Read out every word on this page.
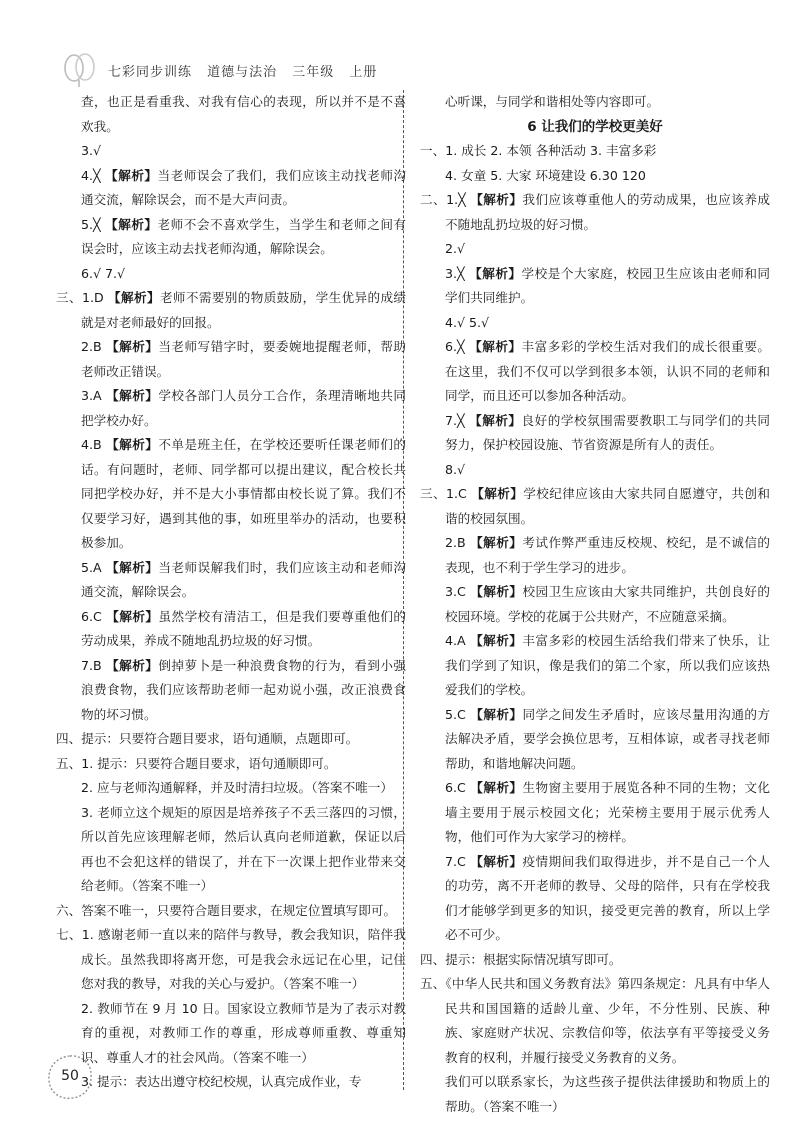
七彩同步训练 道德与法治 三年级 上册

查，也正是看重我、对我有信心的表现，所以并不是不喜欢我。

3.√

4.╳ 【解析】当老师误会了我们，我们应该主动找老师沟通交流，解除误会，而不是大声问责。

5.╳ 【解析】老师不会不喜欢学生，当学生和老师之间有误会时，应该主动去找老师沟通，解除误会。

6.√ 7.√

三、1.D 【解析】老师不需要别的物质鼓励，学生优异的成绩就是对老师最好的回报。

2.B 【解析】当老师写错字时，要委婉地提醒老师，帮助老师改正错误。

3.A 【解析】学校各部门人员分工合作，条理清晰地共同把学校办好。

4.B 【解析】不单是班主任，在学校还要听任课老师们的话。有问题时，老师、同学都可以提出建议，配合校长共同把学校办好，并不是大小事情都由校长说了算。我们不仅要学习好，遇到其他的事，如班里举办的活动，也要积极参加。

5.A 【解析】当老师误解我们时，我们应该主动和老师沟通交流，解除误会。

6.C 【解析】虽然学校有清洁工，但是我们要尊重他们的劳动成果，养成不随地乱扔垃圾的好习惯。

7.B 【解析】倒掉萝卜是一种浪费食物的行为，看到小强浪费食物，我们应该帮助老师一起劝说小强，改正浪费食物的坏习惯。

四、提示：只要符合题目要求，语句通顺，点题即可。

五、1. 提示：只要符合题目要求，语句通顺即可。

2. 应与老师沟通解释，并及时清扫垃圾。（答案不唯一）

3. 老师立这个规矩的原因是培养孩子不丢三落四的习惯，所以首先应该理解老师，然后认真向老师道歉，保证以后再也不会犯这样的错误了，并在下一次课上把作业带来交给老师。（答案不唯一）

六、答案不唯一，只要符合题目要求，在规定位置填写即可。

七、1. 感谢老师一直以来的陪伴与教导，教会我知识，陪伴我成长。虽然我即将离开您，可是我会永远记在心里，记住您对我的教导，对我的关心与爱护。（答案不唯一）

2. 教师节在 9 月 10 日。国家设立教师节是为了表示对教育的重视，对教师工作的尊重，形成尊师重教、尊重知识、尊重人才的社会风尚。（答案不唯一）

3. 提示：表达出遵守校纪校规，认真完成作业，专

心听课，与同学和谐相处等内容即可。

6 让我们的学校更美好

一、1. 成长 2. 本领 各种活动 3. 丰富多彩

4. 女童 5. 大家 环境建设 6.30 120

二、1.╳ 【解析】我们应该尊重他人的劳动成果，也应该养成不随地乱扔垃圾的好习惯。

2.√

3.╳ 【解析】学校是个大家庭，校园卫生应该由老师和同学们共同维护。

4.√ 5.√

6.╳ 【解析】丰富多彩的学校生活对我们的成长很重要。在这里，我们不仅可以学到很多本领，认识不同的老师和同学，而且还可以参加各种活动。

7.╳ 【解析】良好的学校氛围需要教职工与同学们的共同努力，保护校园设施、节省资源是所有人的责任。

8.√

三、1.C 【解析】学校纪律应该由大家共同自愿遵守，共创和谐的校园氛围。

2.B 【解析】考试作弊严重违反校规、校纪，是不诚信的表现，也不利于学生学习的进步。

3.C 【解析】校园卫生应该由大家共同维护，共创良好的校园环境。学校的花属于公共财产，不应随意采摘。

4.A 【解析】丰富多彩的校园生活给我们带来了快乐，让我们学到了知识，像是我们的第二个家，所以我们应该热爱我们的学校。

5.C 【解析】同学之间发生矛盾时，应该尽量用沟通的方法解决矛盾，要学会换位思考，互相体谅，或者寻找老师帮助，和谐地解决问题。

6.C 【解析】生物窗主要用于展览各种不同的生物；文化墙主要用于展示校园文化；光荣榜主要用于展示优秀人物，他们可作为大家学习的榜样。

7.C 【解析】疫情期间我们取得进步，并不是自己一个人的功劳，离不开老师的教导、父母的陪伴，只有在学校我们才能够学到更多的知识，接受更完善的教育，所以上学必不可少。

四、提示：根据实际情况填写即可。

五、《中华人民共和国义务教育法》第四条规定：凡具有中华人民共和国国籍的适龄儿童、少年，不分性别、民族、种族、家庭财产状况、宗教信仰等，依法享有平等接受义务教育的权利，并履行接受义务教育的义务。

我们可以联系家长，为这些孩子提供法律援助和物质上的帮助。（答案不唯一）

50
